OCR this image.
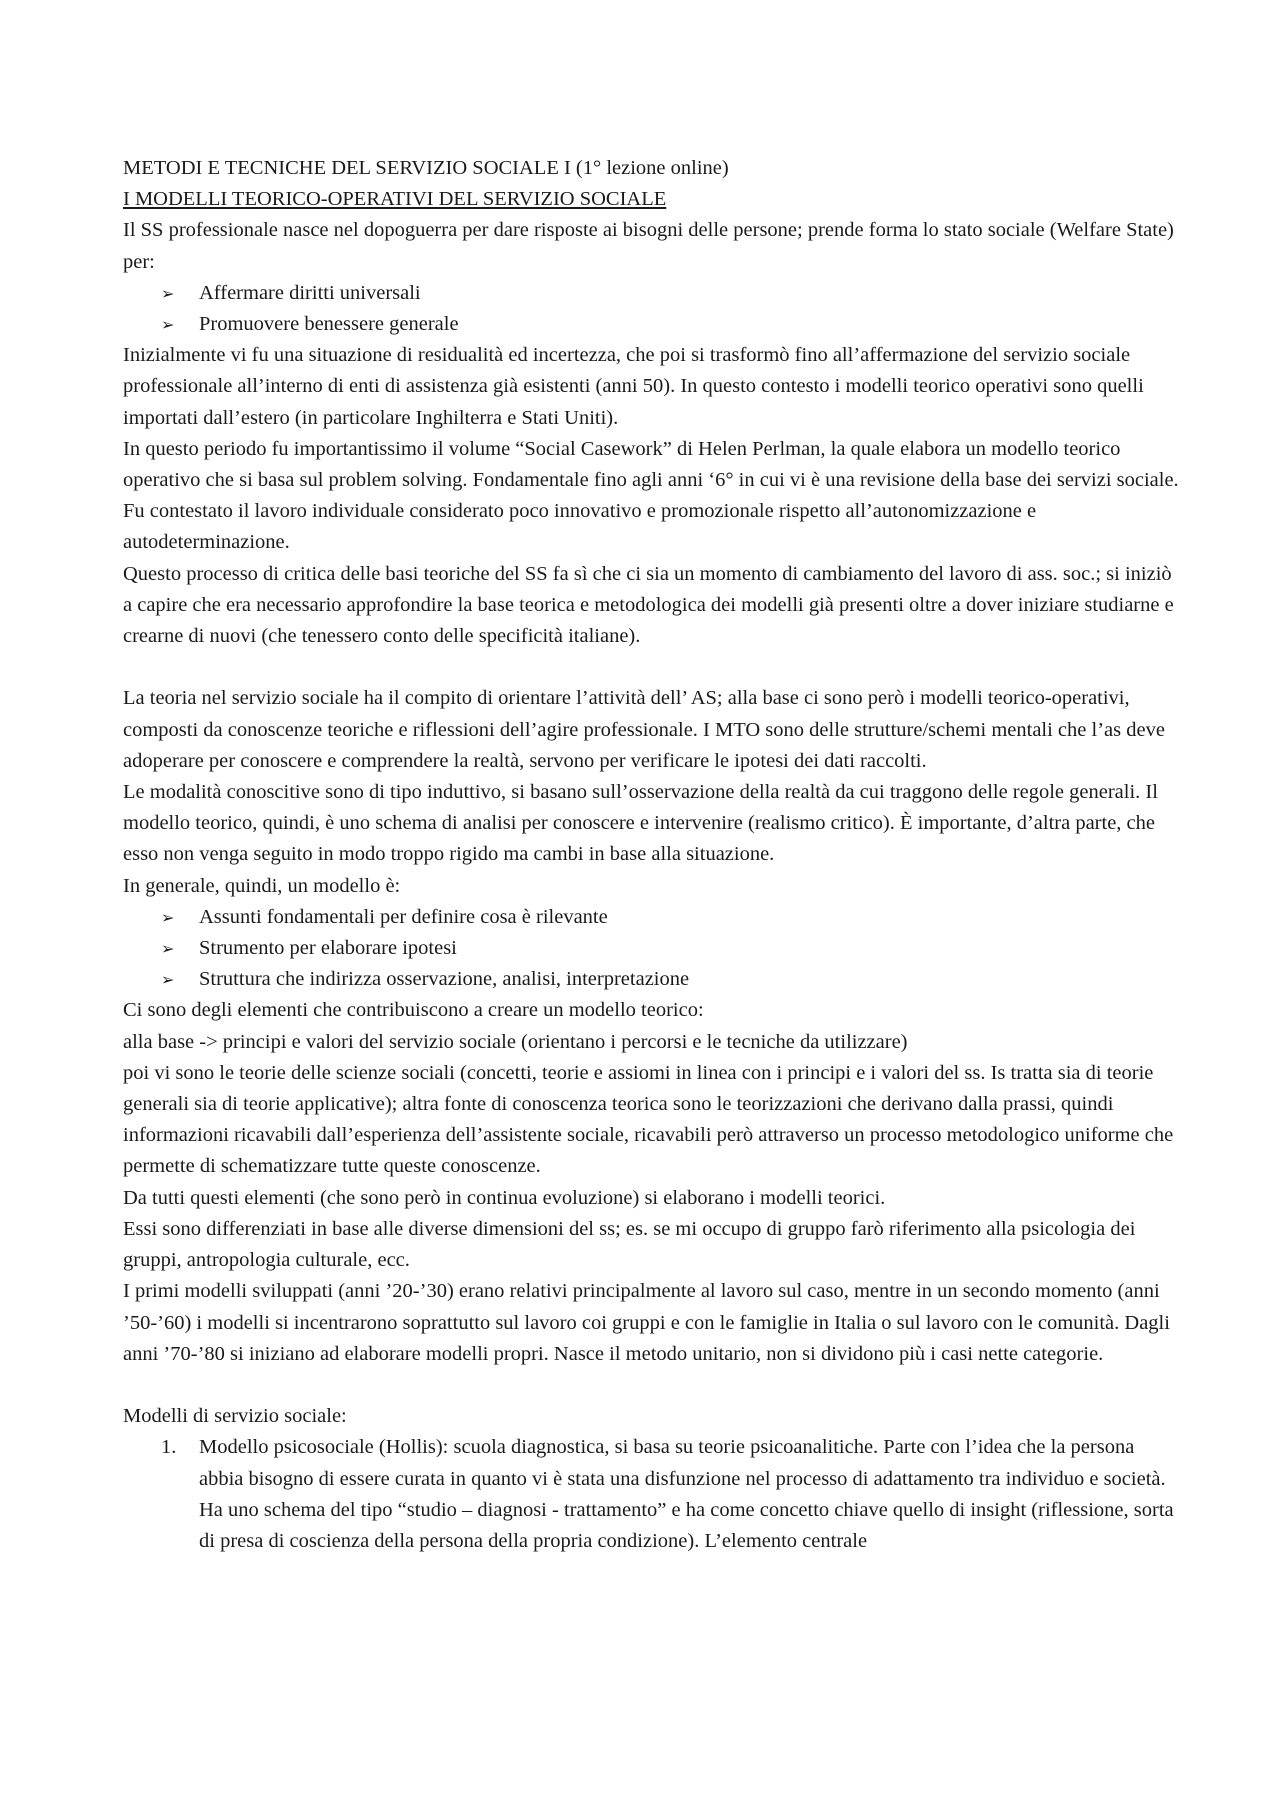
METODI E TECNICHE DEL SERVIZIO SOCIALE I (1° lezione online)

I MODELLI TEORICO-OPERATIVI DEL SERVIZIO SOCIALE

Il SS professionale nasce nel dopoguerra per dare risposte ai bisogni delle persone; prende forma lo stato sociale (Welfare State) per:

➢ Affermare diritti universali
➢ Promuovere benessere generale

Inizialmente vi fu una situazione di residualità ed incertezza, che poi si trasformò fino all’affermazione del servizio sociale professionale all’interno di enti di assistenza già esistenti (anni 50). In questo contesto i modelli teorico operativi sono quelli importati dall’estero (in particolare Inghilterra e Stati Uniti).

In questo periodo fu importantissimo il volume “Social Casework” di Helen Perlman, la quale elabora un modello teorico operativo che si basa sul problem solving. Fondamentale fino agli anni ‘6° in cui vi è una revisione della base dei servizi sociale. Fu contestato il lavoro individuale considerato poco innovativo e promozionale rispetto all’autonomizzazione e autodeterminazione.

Questo processo di critica delle basi teoriche del SS fa sì che ci sia un momento di cambiamento del lavoro di ass. soc.; si iniziò a capire che era necessario approfondire la base teorica e metodologica dei modelli già presenti oltre a dover iniziare studiarne e crearne di nuovi (che tenessero conto delle specificità italiane).

La teoria nel servizio sociale ha il compito di orientare l’attività dell’ AS; alla base ci sono però i modelli teorico-operativi, composti da conoscenze teoriche e riflessioni dell’agire professionale. I MTO sono delle strutture/schemi mentali che l’as deve adoperare per conoscere e comprendere la realtà, servono per verificare le ipotesi dei dati raccolti.

Le modalità conoscitive sono di tipo induttivo, si basano sull’osservazione della realtà da cui traggono delle regole generali. Il modello teorico, quindi, è uno schema di analisi per conoscere e intervenire (realismo critico). È importante, d’altra parte, che esso non venga seguito in modo troppo rigido ma cambi in base alla situazione.

In generale, quindi, un modello è:

➢ Assunti fondamentali per definire cosa è rilevante
➢ Strumento per elaborare ipotesi
➢ Struttura che indirizza osservazione, analisi, interpretazione

Ci sono degli elementi che contribuiscono a creare un modello teorico:

alla base -> principi e valori del servizio sociale (orientano i percorsi e le tecniche da utilizzare)

poi vi sono le teorie delle scienze sociali (concetti, teorie e assiomi in linea con i principi e i valori del ss. Is tratta sia di teorie generali sia di teorie applicative); altra fonte di conoscenza teorica sono le teorizzazioni che derivano dalla prassi, quindi informazioni ricavabili dall’esperienza dell’assistente sociale, ricavabili però attraverso un processo metodologico uniforme che permette di schematizzare tutte queste conoscenze.

Da tutti questi elementi (che sono però in continua evoluzione) si elaborano i modelli teorici.

Essi sono differenziati in base alle diverse dimensioni del ss; es. se mi occupo di gruppo farò riferimento alla psicologia dei gruppi, antropologia culturale, ecc.

I primi modelli sviluppati (anni ’20-’30) erano relativi principalmente al lavoro sul caso, mentre in un secondo momento (anni ’50-’60) i modelli si incentrarono soprattutto sul lavoro coi gruppi e con le famiglie in Italia o sul lavoro con le comunità. Dagli anni ’70-’80 si iniziano ad elaborare modelli propri. Nasce il metodo unitario, non si dividono più i casi nette categorie.

Modelli di servizio sociale:

1. Modello psicosociale (Hollis): scuola diagnostica, si basa su teorie psicoanalitiche. Parte con l’idea che la persona abbia bisogno di essere curata in quanto vi è stata una disfunzione nel processo di adattamento tra individuo e società.

Ha uno schema del tipo “studio – diagnosi - trattamento” e ha come concetto chiave quello di insight (riflessione, sorta di presa di coscienza della persona della propria condizione). L’elemento centrale
